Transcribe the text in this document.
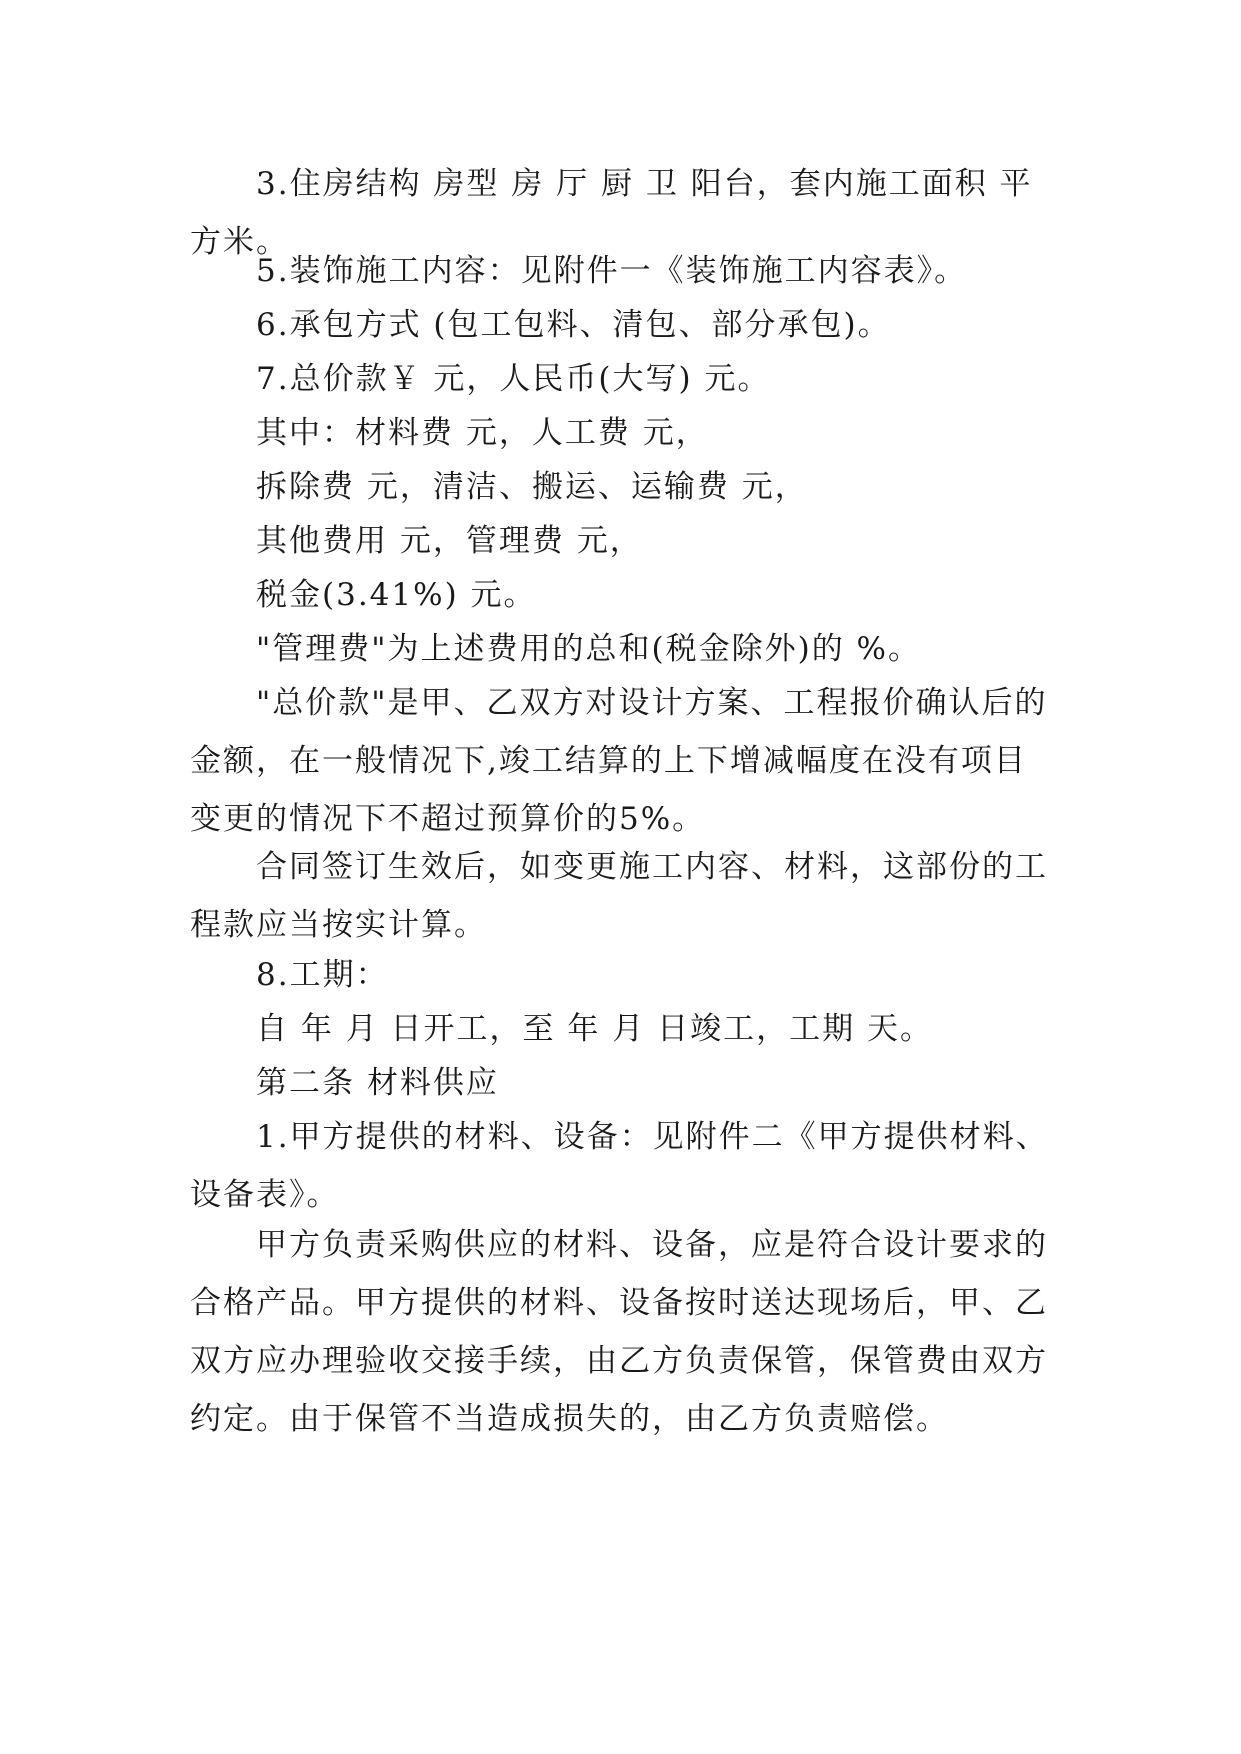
3.住房结构 房型 房 厅 厨 卫 阳台，套内施工面积 平方米。

5.装饰施工内容：见附件一《装饰施工内容表》。

6.承包方式 (包工包料、清包、部分承包)。

7.总价款￥ 元，人民币(大写) 元。

其中：材料费 元，人工费 元，

拆除费 元，清洁、搬运、运输费 元，

其他费用 元，管理费 元，

税金(3.41%) 元。

"管理费"为上述费用的总和(税金除外)的 %。

"总价款"是甲、乙双方对设计方案、工程报价确认后的金额，在一般情况下,竣工结算的上下增减幅度在没有项目变更的情况下不超过预算价的5%。

合同签订生效后，如变更施工内容、材料，这部份的工程款应当按实计算。

8.工期：

自 年 月 日开工，至 年 月 日竣工，工期 天。

第二条 材料供应

1.甲方提供的材料、设备：见附件二《甲方提供材料、设备表》。

甲方负责采购供应的材料、设备，应是符合设计要求的合格产品。甲方提供的材料、设备按时送达现场后，甲、乙双方应办理验收交接手续，由乙方负责保管，保管费由双方约定。由于保管不当造成损失的，由乙方负责赔偿。
